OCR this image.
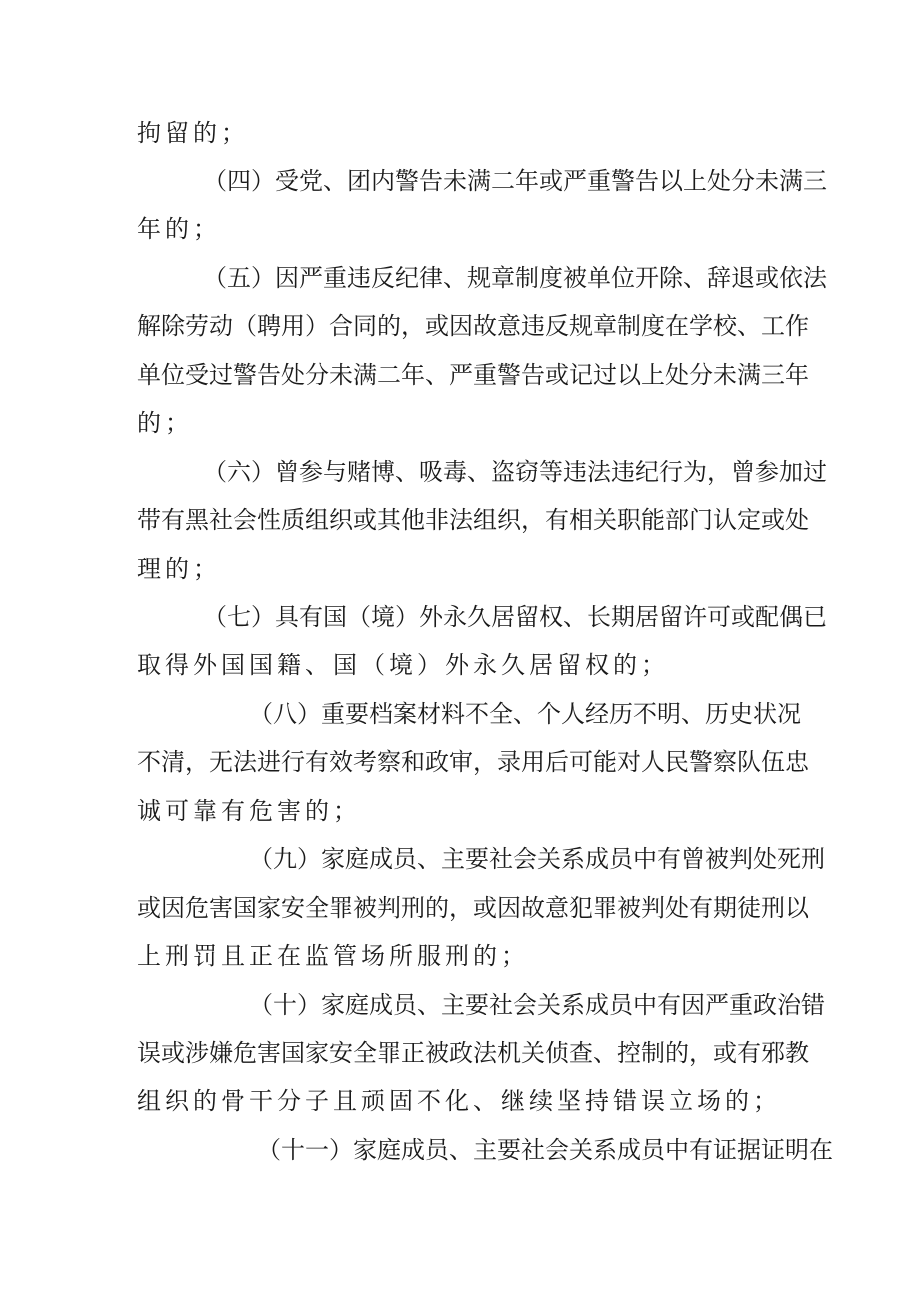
拘留的；

（四）受党、团内警告未满二年或严重警告以上处分未满三

年的；

（五）因严重违反纪律、规章制度被单位开除、辞退或依法

解除劳动（聘用）合同的，或因故意违反规章制度在学校、工作

单位受过警告处分未满二年、严重警告或记过以上处分未满三年

的；

（六）曾参与赌博、吸毒、盗窃等违法违纪行为，曾参加过

带有黑社会性质组织或其他非法组织，有相关职能部门认定或处

理的；

（七）具有国（境）外永久居留权、长期居留许可或配偶已

取得外国国籍、国（境）外永久居留权的；

（八）重要档案材料不全、个人经历不明、历史状况

不清，无法进行有效考察和政审，录用后可能对人民警察队伍忠

诚可靠有危害的；

（九）家庭成员、主要社会关系成员中有曾被判处死刑

或因危害国家安全罪被判刑的，或因故意犯罪被判处有期徒刑以

上刑罚且正在监管场所服刑的；

（十）家庭成员、主要社会关系成员中有因严重政治错

误或涉嫌危害国家安全罪正被政法机关侦查、控制的，或有邪教

组织的骨干分子且顽固不化、继续坚持错误立场的；

（十一）家庭成员、主要社会关系成员中有证据证明在
